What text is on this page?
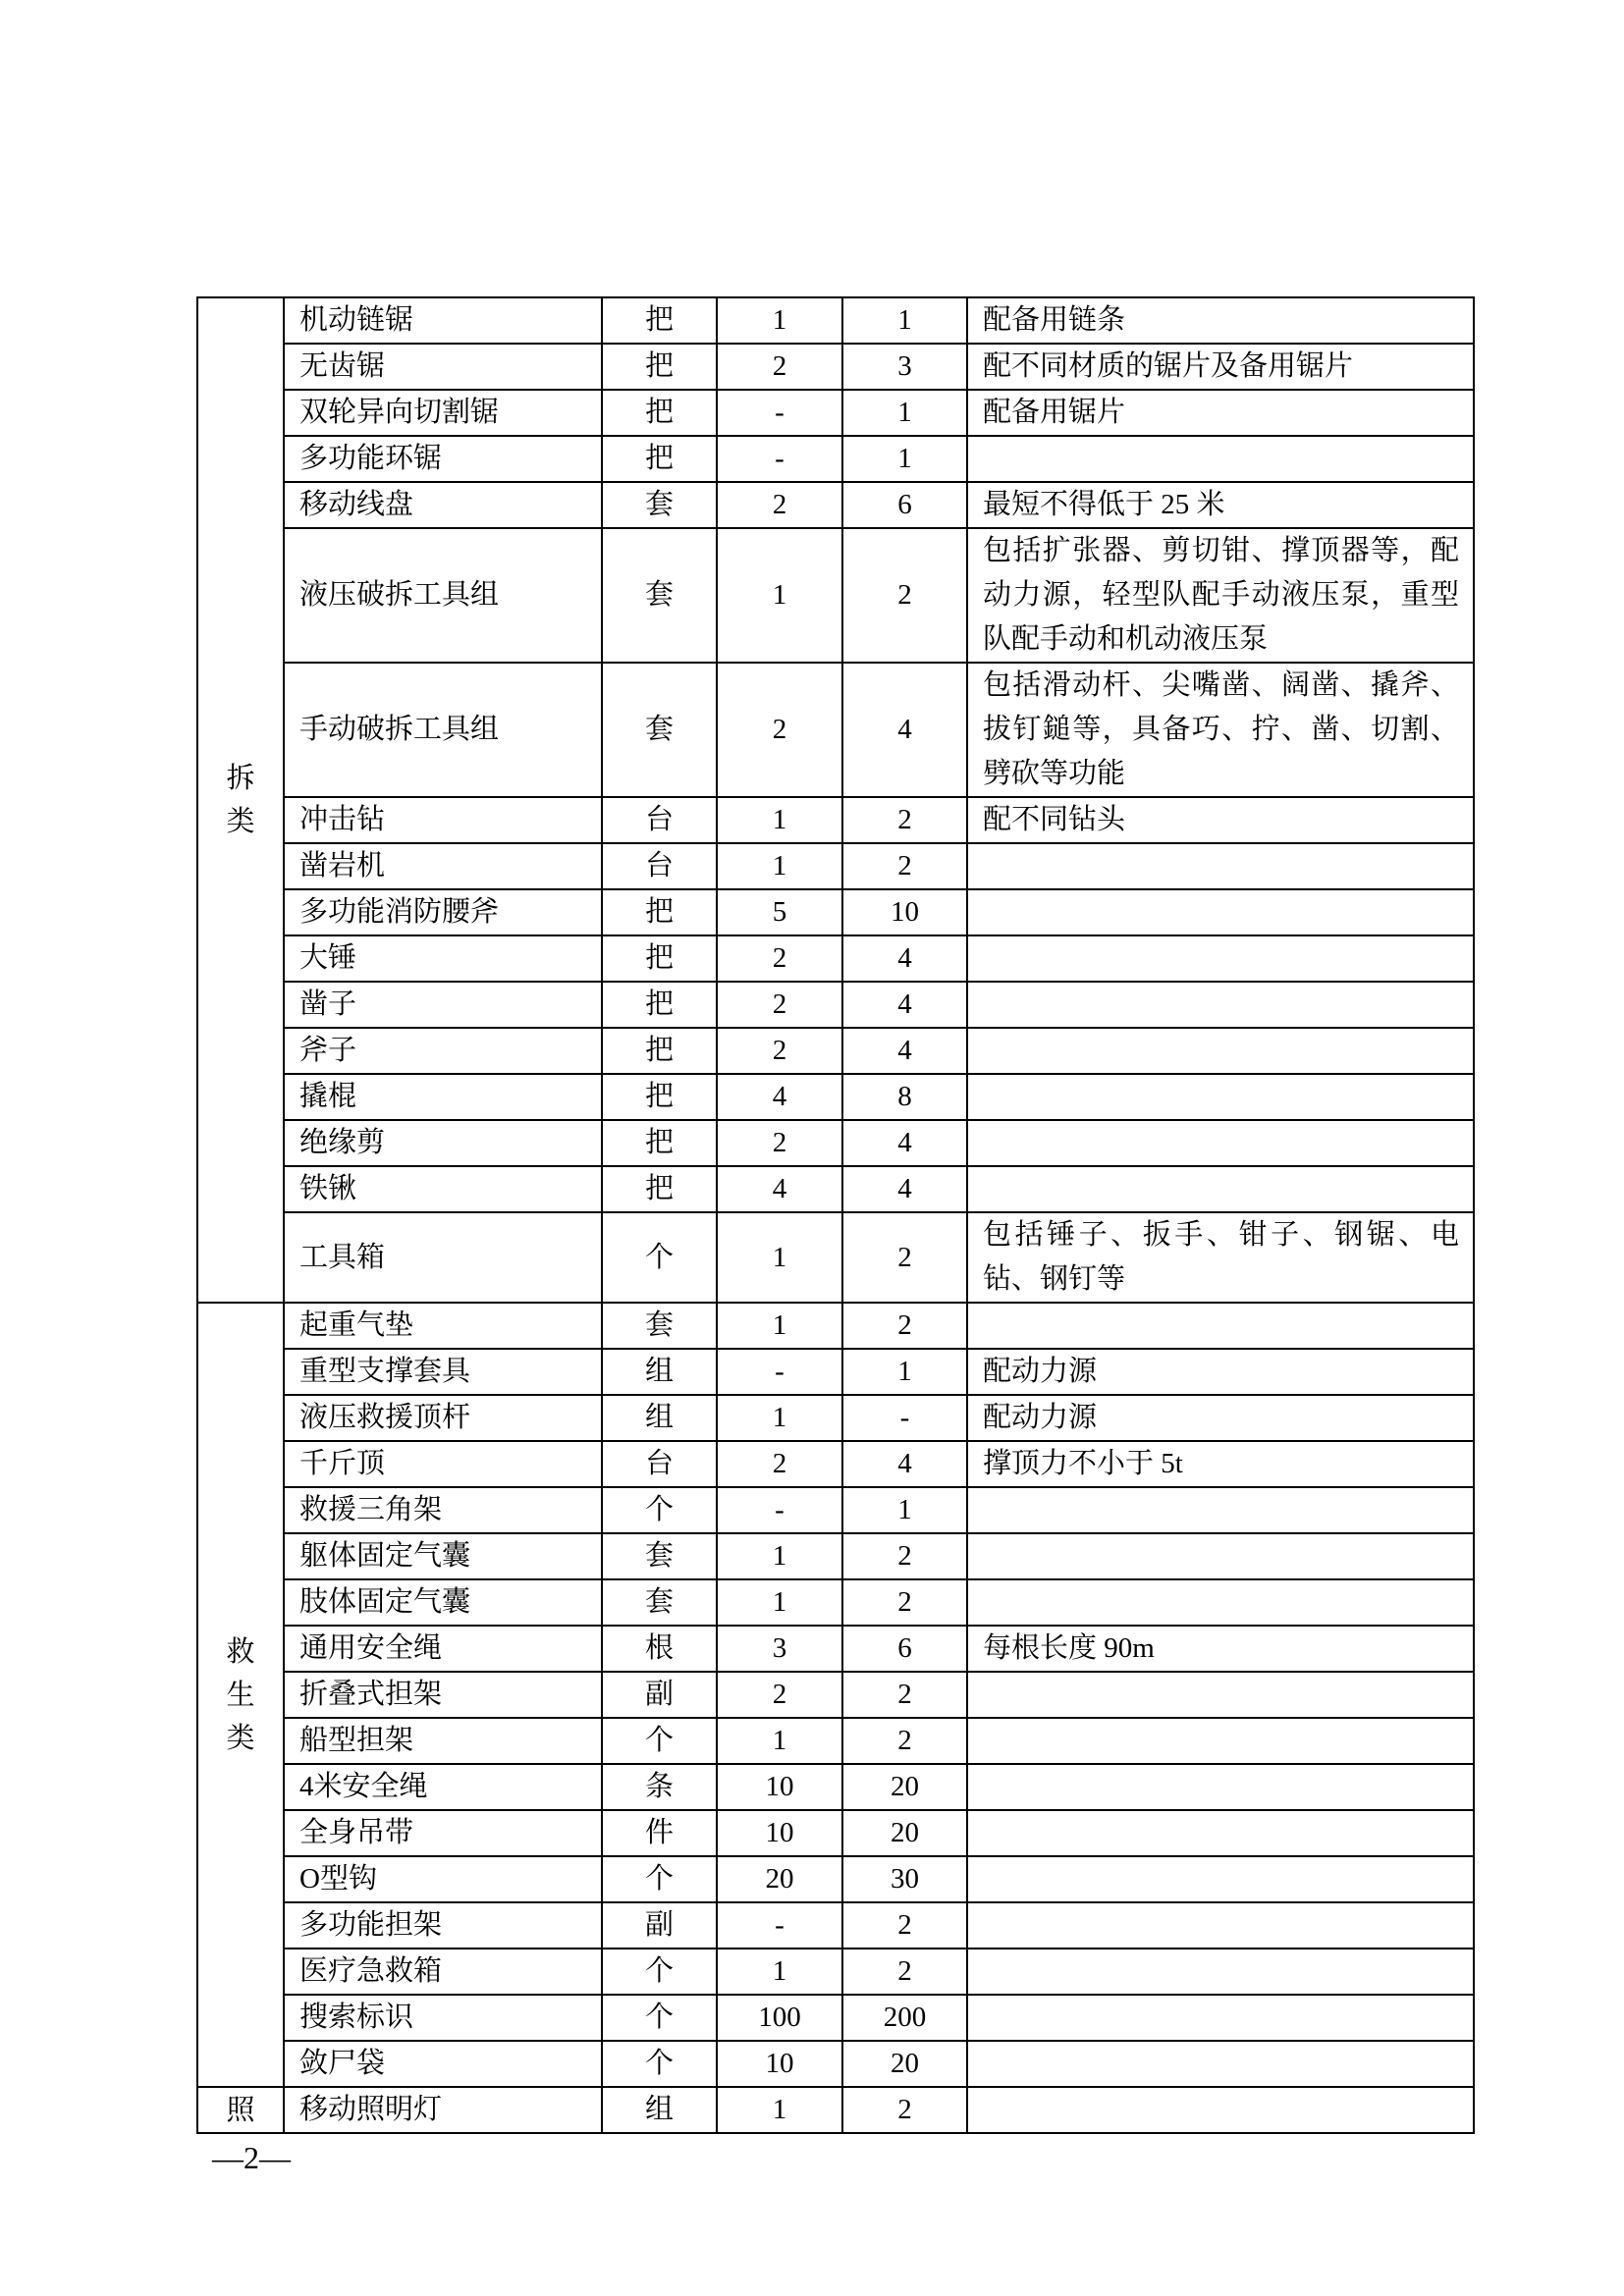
拆
类	机动链锯	把	1	1	配备用链条

	无齿锯	把	2	3	配不同材质的锯片及备用锯片

	双轮异向切割锯	把	-	1	配备用锯片

	多功能环锯	把	-	1	
	移动线盘	套	2	6	最短不得低于 25 米

	液压破拆工具组	套	1	2	包括扩张器、剪切钳、撑顶器等，配
动力源，轻型队配手动液压泵，重型
队配手动和机动液压泵

	手动破拆工具组	套	2	4	包括滑动杆、尖嘴凿、阔凿、撬斧、
拔钉鎚等，具备巧、拧、凿、切割、
劈砍等功能

	冲击钻	台	1	2	配不同钻头

	凿岩机	台	1	2	
	多功能消防腰斧	把	5	10	
	大锤	把	2	4	
	凿子	把	2	4	
	斧子	把	2	4	
	撬棍	把	4	8	
	绝缘剪	把	2	4	
	铁锹	把	4	4	
	工具箱	个	1	2	包括锤子、扳手、钳子、钢锯、电
钻、钢钉等

救
生
类	起重气垫	套	1	2	
	重型支撑套具	组	-	1	配动力源

	液压救援顶杆	组	1	-	配动力源

	千斤顶	台	2	4	撑顶力不小于 5t

	救援三角架	个	-	1	
	躯体固定气囊	套	1	2	
	肢体固定气囊	套	1	2	
	通用安全绳	根	3	6	每根长度 90m

	折叠式担架	副	2	2	
	船型担架	个	1	2	
	4米安全绳	条	10	20	
	全身吊带	件	10	20	
	O型钩	个	20	30	
	多功能担架	副	-	2	
	医疗急救箱	个	1	2	
	搜索标识	个	100	200	
	敛尸袋	个	10	20	

照	移动照明灯	组	1	2	
—2—
